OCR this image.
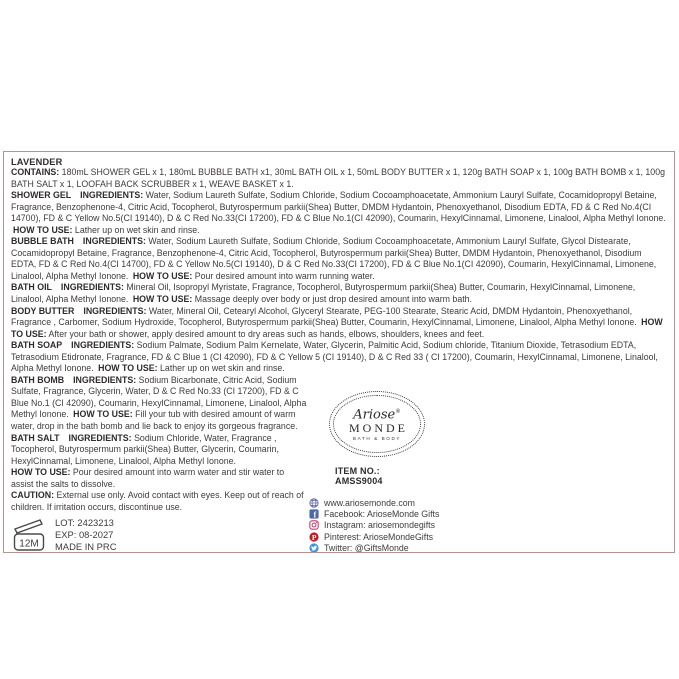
LAVENDER

CONTAINS: 180mL SHOWER GEL x 1, 180mL BUBBLE BATH x1, 30mL BATH OIL x 1, 50mL BODY BUTTER x 1, 120g BATH SOAP x 1, 100g BATH BOMB x 1, 100g BATH SALT x 1, LOOFAH BACK SCRUBBER x 1, WEAVE BASKET x 1.

SHOWER GEL INGREDIENTS: Water, Sodium Laureth Sulfate, Sodium Chloride, Sodium Cocoamphoacetate, Ammonium Lauryl Sulfate, Cocamidopropyl Betaine, Fragrance, Benzophenone-4, Citric Acid, Tocopherol, Butyrospermum parkii(Shea) Butter, DMDM Hydantoin, Phenoxyethanol, Disodium EDTA, FD & C Red No.4(CI 14700), FD & C Yellow No.5(CI 19140), D & C Red No.33(CI 17200), FD & C Blue No.1(CI 42090), Coumarin, HexylCinnamal, Limonene, Linalool, Alpha Methyl Ionone. HOW TO USE: Lather up on wet skin and rinse.

BUBBLE BATH INGREDIENTS: Water, Sodium Laureth Sulfate, Sodium Chloride, Sodium Cocoamphoacetate, Ammonium Lauryl Sulfate, Glycol Distearate, Cocamidopropyl Betaine, Fragrance, Benzophenone-4, Citric Acid, Tocopherol, Butyrospermum parkii(Shea) Butter, DMDM Hydantoin, Phenoxyethanol, Disodium EDTA, FD & C Red No.4(CI 14700), FD & C Yellow No.5(CI 19140), D & C Red No.33(CI 17200), FD & C Blue No.1(CI 42090), Coumarin, HexylCinnamal, Limonene, Linalool, Alpha Methyl Ionone. HOW TO USE: Pour desired amount into warm running water.

BATH OIL INGREDIENTS: Mineral Oil, Isopropyl Myristate, Fragrance, Tocopherol, Butyrospermum parkii(Shea) Butter, Coumarin, HexylCinnamal, Limonene, Linalool, Alpha Methyl Ionone. HOW TO USE: Massage deeply over body or just drop desired amount into warm bath.

BODY BUTTER INGREDIENTS: Water, Mineral Oil, Cetearyl Alcohol, Glyceryl Stearate, PEG-100 Stearate, Stearic Acid, DMDM Hydantoin, Phenoxyethanol, Fragrance , Carbomer, Sodium Hydroxide, Tocopherol, Butyrospermum parkii(Shea) Butter, Coumarin, HexylCinnamal, Limonene, Linalool, Alpha Methyl Ionone. HOW TO USE: After your bath or shower, apply desired amount to dry areas such as hands, elbows, shoulders, knees and feet.

BATH SOAP INGREDIENTS: Sodium Palmate, Sodium Palm Kernelate, Water, Glycerin, Palmitic Acid, Sodium chloride, Titanium Dioxide, Tetrasodium EDTA, Tetrasodium Etidronate, Fragrance, FD & C Blue 1 (CI 42090), FD & C Yellow 5 (CI 19140), D & C Red 33 ( CI 17200), Coumarin, HexylCinnamal, Limonene, Linalool, Alpha Methyl Ionone. HOW TO USE: Lather up on wet skin and rinse.

BATH BOMB INGREDIENTS: Sodium Bicarbonate, Citric Acid, Sodium Sulfate, Fragrance, Glycerin, Water, D & C Red No.33 (CI 17200), FD & C Blue No.1 (CI 42090), Coumarin, HexylCinnamal, Limonene, Linalool, Alpha Methyl Ionone. HOW TO USE: Fill your tub with desired amount of warm water, drop in the bath bomb and lie back to enjoy its gorgeous fragrance.

BATH SALT INGREDIENTS: Sodium Chloride, Water, Fragrance , Tocopherol, Butyrospermum parkii(Shea) Butter, Glycerin, Coumarin, HexylCinnamal, Limonene, Linalool, Alpha Methyl Ionone.

HOW TO USE: Pour desired amount into warm water and stir water to assist the salts to dissolve.

CAUTION: External use only. Avoid contact with eyes. Keep out of reach of children. If irritation occurs, discontinue use.

12M
LOT: 2423213
EXP: 08-2027
MADE IN PRC
Ariose®
MONDE
BATH & BODY
ITEM NO.: AMSS9004
www.ariosemonde.com
f Facebook: ArioseMonde Gifts
Instagram: ariosemondegifts
P Pinterest: ArioseMondeGifts
Twitter: @GiftsMonde
